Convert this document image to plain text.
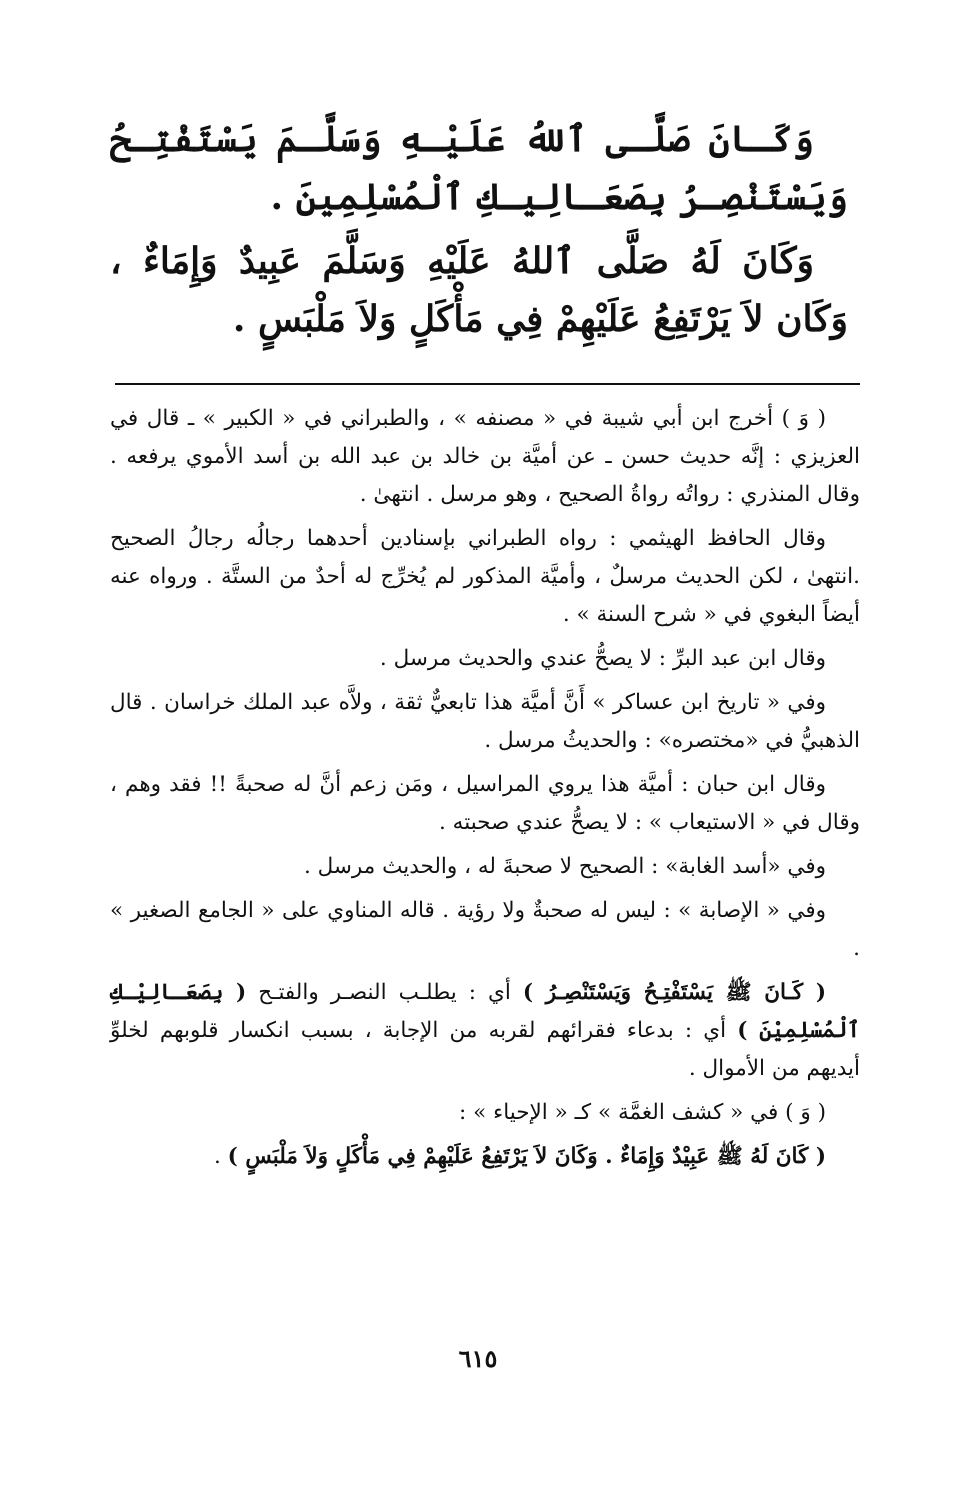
وَكَـانَ صَلَّـى ٱللهُ عَلَيْـهِ وَسَلَّـمَ يَسْتَفْتِـحُ وَيَسْتَنْصِـرُ بِصَعَـالِيـكِ ٱلْمُسْلِمِينَ .

وَكَانَ لَهُ صَلَّى ٱللهُ عَلَيْهِ وَسَلَّمَ عَبِيدٌ وَإِمَاءٌ ، وَكَان لاَ يَرْتَفِعُ عَلَيْهِمْ فِي مَأْكَلٍ وَلاَ مَلْبَسٍ .

( وَ ) أخرج ابن أبي شيبة في « مصنفه » ، والطبراني في « الكبير » ـ قال في العزيزي : إنَّه حديث حسن ـ عن أميَّة بن خالد بن عبد الله بن أسد الأموي يرفعه . وقال المنذري : رواتُه رواةُ الصحيح ، وهو مرسل . انتهىٰ .

وقال الحافظ الهيثمي : رواه الطبراني بإسنادين أحدهما رجالُه رجالُ الصحيح .انتهىٰ ، لكن الحديث مرسلٌ ، وأميَّة المذكور لم يُخرِّج له أحدٌ من الستَّة . ورواه عنه أيضاً البغوي في « شرح السنة » .

وقال ابن عبد البرِّ : لا يصحُّ عندي والحديث مرسل .

وفي « تاريخ ابن عساكر » أَنَّ أميَّة هذا تابعيٌّ ثقة ، ولاَّه عبد الملك خراسان . قال الذهبيُّ في «مختصره» : والحديثُ مرسل .

وقال ابن حبان : أميَّة هذا يروي المراسيل ، ومَن زعم أنَّ له صحبةً !! فقد وهم ، وقال في « الاستيعاب » : لا يصحُّ عندي صحبته .

وفي «أسد الغابة» : الصحيح لا صحبةَ له ، والحديث مرسل .

وفي « الإصابة » : ليس له صحبةٌ ولا رؤية . قاله المناوي على « الجامع الصغير » .

( كَـانَ ﷺ يَسْتَفْتِـحُ وَيَسْتَنْصِـرُ ) أي : يطلـب النصـر والفتـح ( بِصَعَـالِيْـكِ ٱلْمُسْلِمِيْنَ ) أي : بدعاء فقرائهم لقربه من الإجابة ، بسبب انكسار قلوبهم لخلوِّ أيديهم من الأموال .

( وَ ) في « كشف الغمَّة » كـ « الإحياء » :

( كَانَ لَهُ ﷺ عَبِيْدٌ وَإِمَاءٌ . وَكَانَ لاَ يَرْتَفِعُ عَلَيْهِمْ فِي مَأْكَلٍ وَلاَ مَلْبَسٍ ) .

٦١٥
